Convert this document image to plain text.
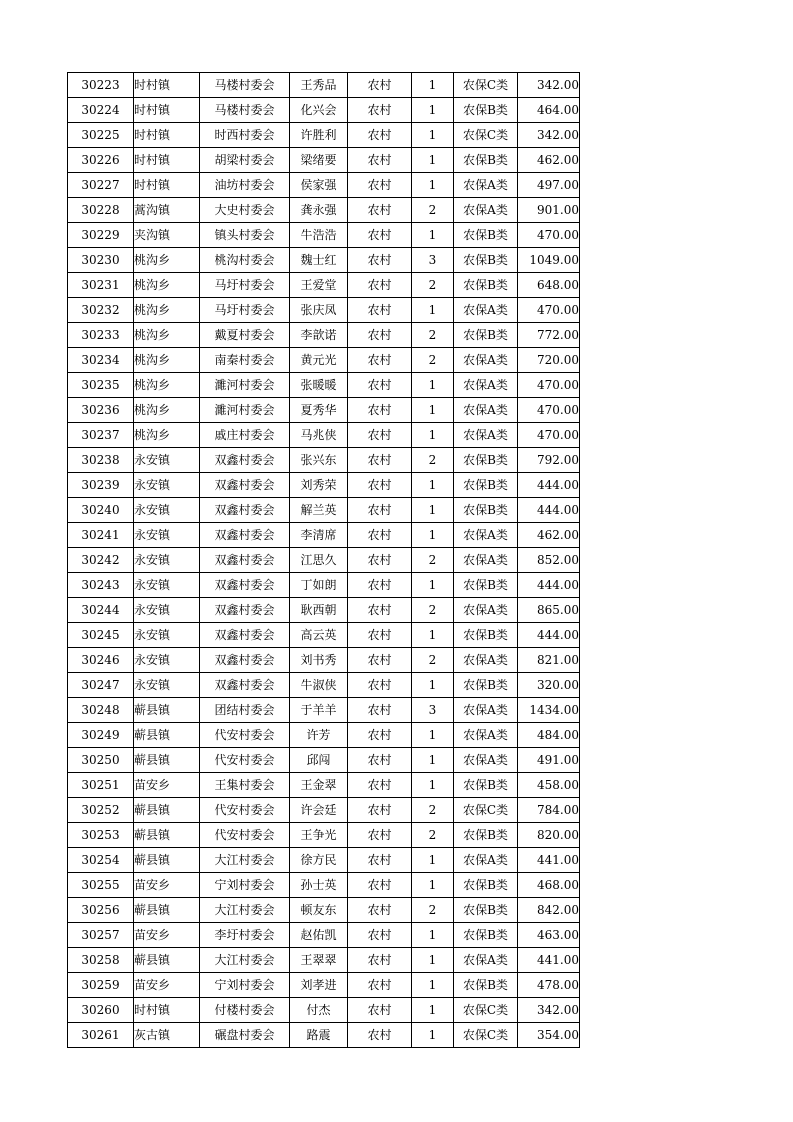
30223	时村镇	马楼村委会	王秀品	农村	1	农保C类	342.00
30224	时村镇	马楼村委会	化兴会	农村	1	农保B类	464.00
30225	时村镇	时西村委会	许胜利	农村	1	农保C类	342.00
30226	时村镇	胡梁村委会	梁绪要	农村	1	农保B类	462.00
30227	时村镇	油坊村委会	侯家强	农村	1	农保A类	497.00
30228	蒿沟镇	大史村委会	龚永强	农村	2	农保A类	901.00
30229	夹沟镇	镇头村委会	牛浩浩	农村	1	农保B类	470.00
30230	桃沟乡	桃沟村委会	魏士红	农村	3	农保B类	1049.00
30231	桃沟乡	马圩村委会	王爱堂	农村	2	农保B类	648.00
30232	桃沟乡	马圩村委会	张庆凤	农村	1	农保A类	470.00
30233	桃沟乡	戴夏村委会	李歆诺	农村	2	农保B类	772.00
30234	桃沟乡	南秦村委会	黄元光	农村	2	农保A类	720.00
30235	桃沟乡	濉河村委会	张暖暖	农村	1	农保A类	470.00
30236	桃沟乡	濉河村委会	夏秀华	农村	1	农保A类	470.00
30237	桃沟乡	戚庄村委会	马兆侠	农村	1	农保A类	470.00
30238	永安镇	双鑫村委会	张兴东	农村	2	农保B类	792.00
30239	永安镇	双鑫村委会	刘秀荣	农村	1	农保B类	444.00
30240	永安镇	双鑫村委会	解兰英	农村	1	农保B类	444.00
30241	永安镇	双鑫村委会	李清席	农村	1	农保A类	462.00
30242	永安镇	双鑫村委会	江思久	农村	2	农保A类	852.00
30243	永安镇	双鑫村委会	丁如朗	农村	1	农保B类	444.00
30244	永安镇	双鑫村委会	耿西朝	农村	2	农保A类	865.00
30245	永安镇	双鑫村委会	高云英	农村	1	农保B类	444.00
30246	永安镇	双鑫村委会	刘书秀	农村	2	农保A类	821.00
30247	永安镇	双鑫村委会	牛淑侠	农村	1	农保B类	320.00
30248	蕲县镇	团结村委会	于羊羊	农村	3	农保A类	1434.00
30249	蕲县镇	代安村委会	许芳	农村	1	农保A类	484.00
30250	蕲县镇	代安村委会	邱闯	农村	1	农保A类	491.00
30251	苗安乡	王集村委会	王金翠	农村	1	农保B类	458.00
30252	蕲县镇	代安村委会	许会廷	农村	2	农保C类	784.00
30253	蕲县镇	代安村委会	王争光	农村	2	农保B类	820.00
30254	蕲县镇	大江村委会	徐方民	农村	1	农保A类	441.00
30255	苗安乡	宁刘村委会	孙士英	农村	1	农保B类	468.00
30256	蕲县镇	大江村委会	顿友东	农村	2	农保B类	842.00
30257	苗安乡	李圩村委会	赵佑凯	农村	1	农保B类	463.00
30258	蕲县镇	大江村委会	王翠翠	农村	1	农保A类	441.00
30259	苗安乡	宁刘村委会	刘孝进	农村	1	农保B类	478.00
30260	时村镇	付楼村委会	付杰	农村	1	农保C类	342.00
30261	灰古镇	碾盘村委会	路震	农村	1	农保C类	354.00
